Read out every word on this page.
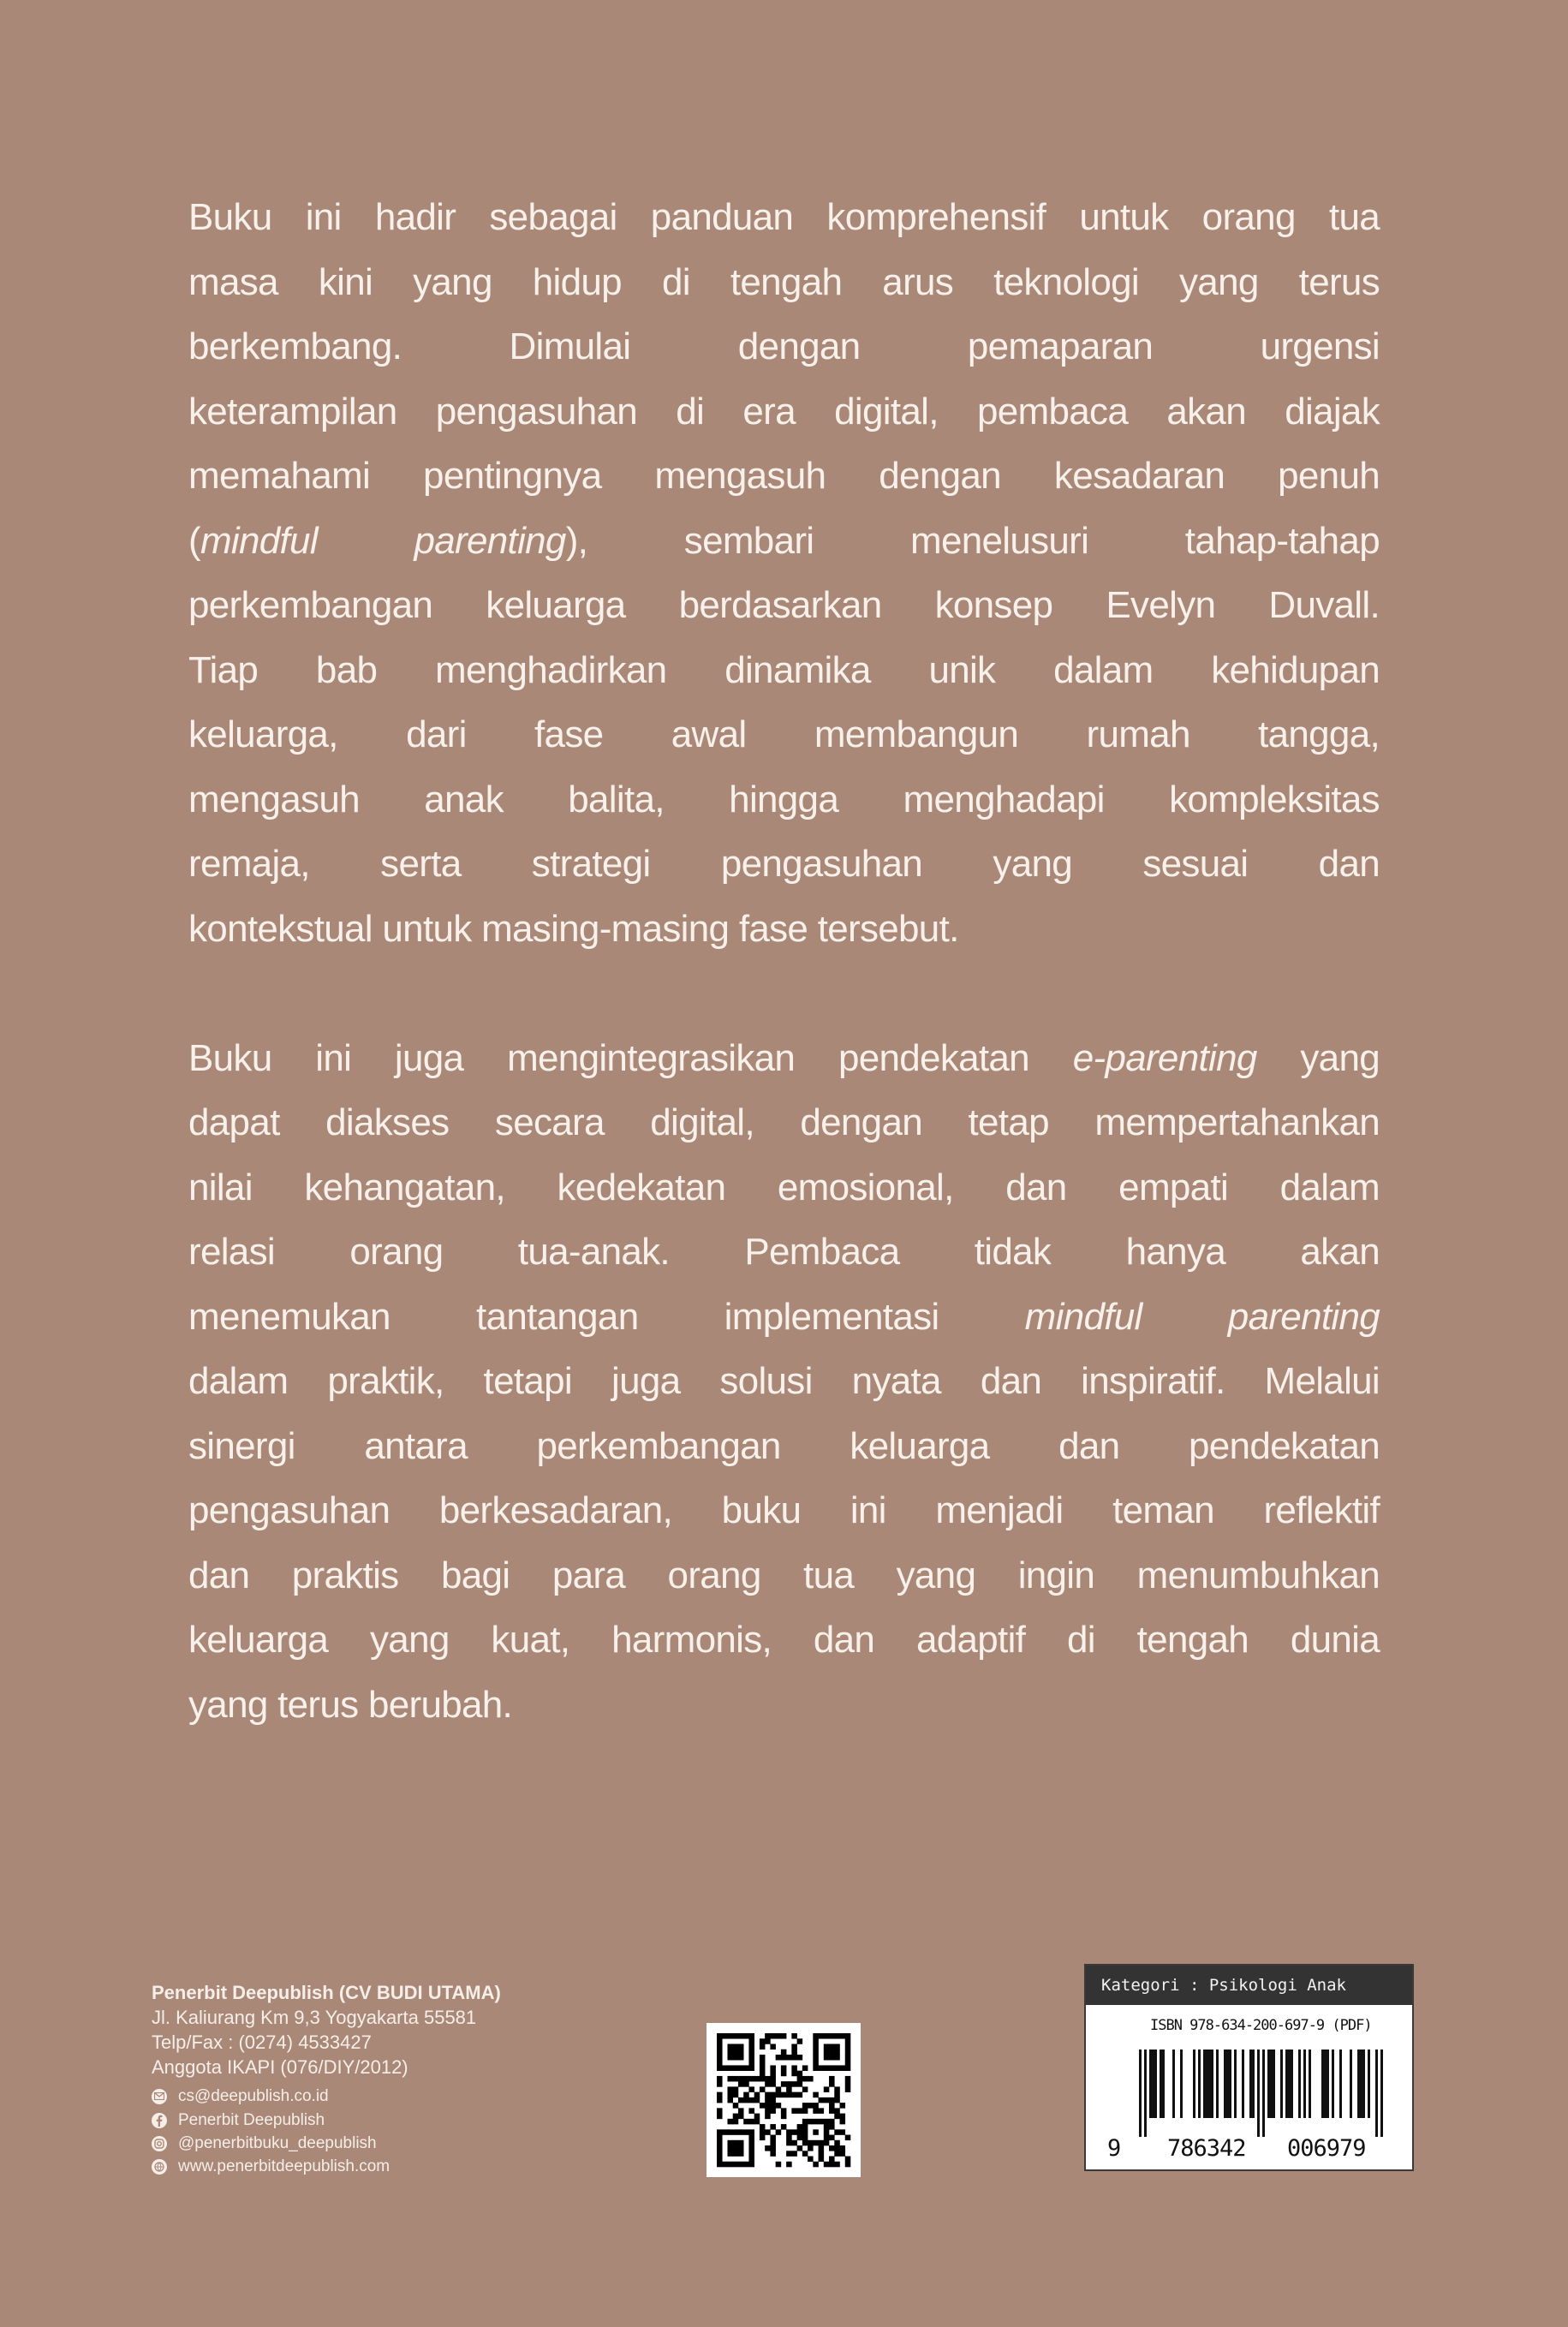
Buku ini hadir sebagai panduan komprehensif untuk orang tua
masa kini yang hidup di tengah arus teknologi yang terus
berkembang. Dimulai dengan pemaparan urgensi
keterampilan pengasuhan di era digital, pembaca akan diajak
memahami pentingnya mengasuh dengan kesadaran penuh
(mindful parenting), sembari menelusuri tahap-tahap
perkembangan keluarga berdasarkan konsep Evelyn Duvall.
Tiap bab menghadirkan dinamika unik dalam kehidupan
keluarga, dari fase awal membangun rumah tangga,
mengasuh anak balita, hingga menghadapi kompleksitas
remaja, serta strategi pengasuhan yang sesuai dan
kontekstual untuk masing-masing fase tersebut.
Buku ini juga mengintegrasikan pendekatan e-parenting yang
dapat diakses secara digital, dengan tetap mempertahankan
nilai kehangatan, kedekatan emosional, dan empati dalam
relasi orang tua-anak. Pembaca tidak hanya akan
menemukan tantangan implementasi mindful parenting
dalam praktik, tetapi juga solusi nyata dan inspiratif. Melalui
sinergi antara perkembangan keluarga dan pendekatan
pengasuhan berkesadaran, buku ini menjadi teman reflektif
dan praktis bagi para orang tua yang ingin menumbuhkan
keluarga yang kuat, harmonis, dan adaptif di tengah dunia
yang terus berubah.
Penerbit Deepublish (CV BUDI UTAMA)
Jl. Kaliurang Km 9,3 Yogyakarta 55581
Telp/Fax : (0274) 4533427
Anggota IKAPI (076/DIY/2012)
cs@deepublish.co.id
Penerbit Deepublish
@penerbitbuku_deepublish
www.penerbitdeepublish.com
Kategori : Psikologi Anak
ISBN 978-634-200-697-9 (PDF)
9 786342 006979
